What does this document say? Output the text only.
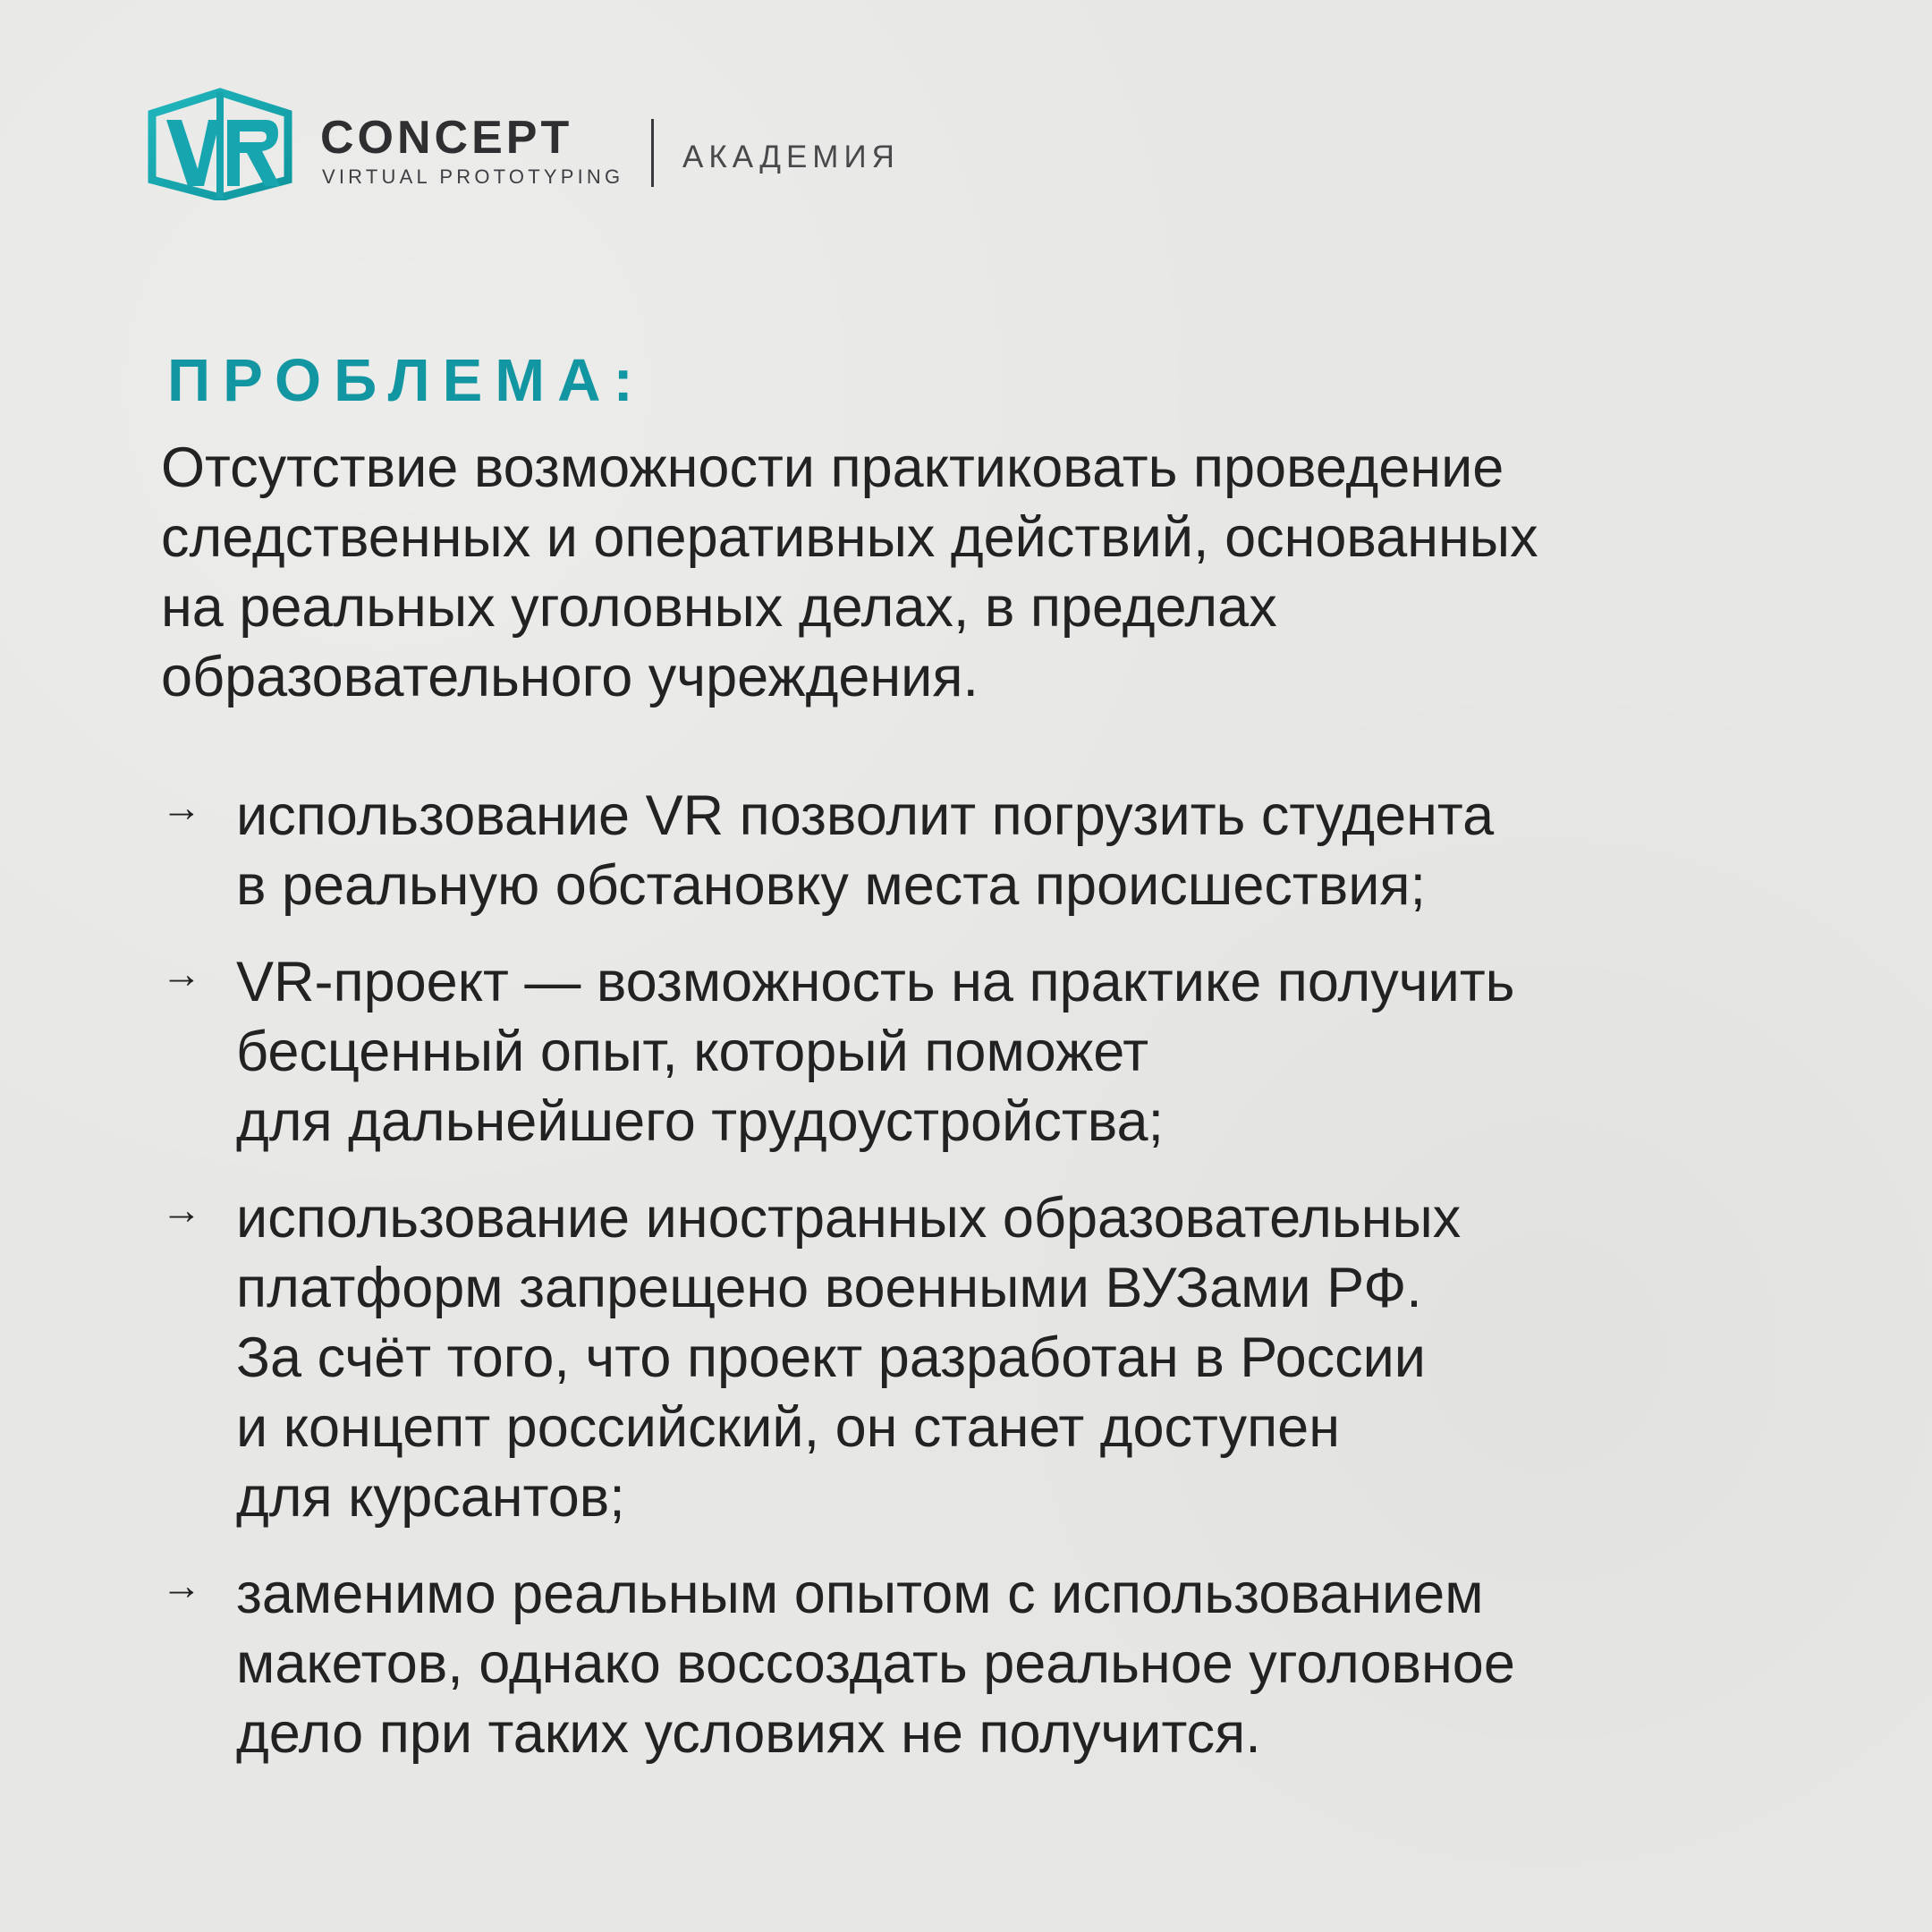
CONCEPT
VIRTUAL PROTOTYPING
АКАДЕМИЯ
ПРОБЛЕМА:

Отсутствие возможности практиковать проведение
следственных и оперативных действий, основанных
на реальных уголовных делах, в пределах
образовательного учреждения.

→ использование VR позволит погрузить студента
в реальную обстановку места происшествия;
→ VR-проект — возможность на практике получить
бесценный опыт, который поможет
для дальнейшего трудоустройства;
→ использование иностранных образовательных
платформ запрещено военными ВУЗами РФ.
За счёт того, что проект разработан в России
и концепт российский, он станет доступен
для курсантов;
→ заменимо реальным опытом с использованием
макетов, однако воссоздать реальное уголовное
дело при таких условиях не получится.
